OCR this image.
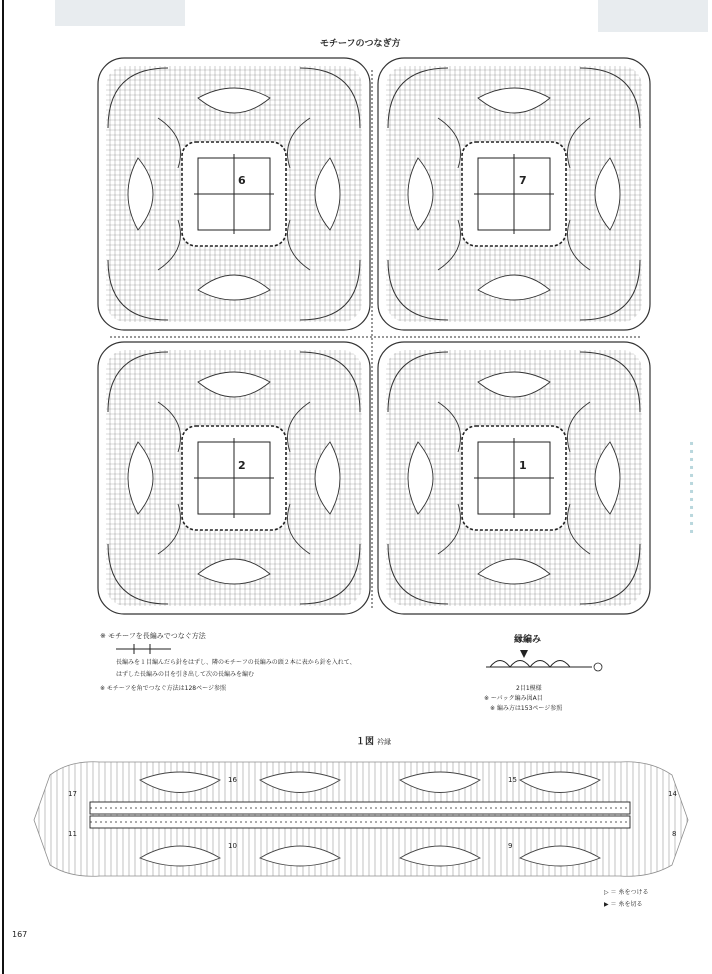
▪▪▪▪▪▪▪▪▪▪▪▪
モチーフのつなぎ方
6	7
2	1
※ モチーフを長編みでつなぐ方法
長編みを１目編んだら針をはずし、隣のモチーフの長編みの頭２本に表から針を入れて、
はずした長編みの目を引き出して次の長編みを編む
※ モチーフを角でつなぐ方法は128ページ参照
縁編み
2目1模様
※ ーパック編み図A目
※ 編み方は153ページ参照
１図 衿縁
17
16	15
14
11
10	9
8
▷ ＝ 糸をつける
▶ ＝ 糸を切る
167
